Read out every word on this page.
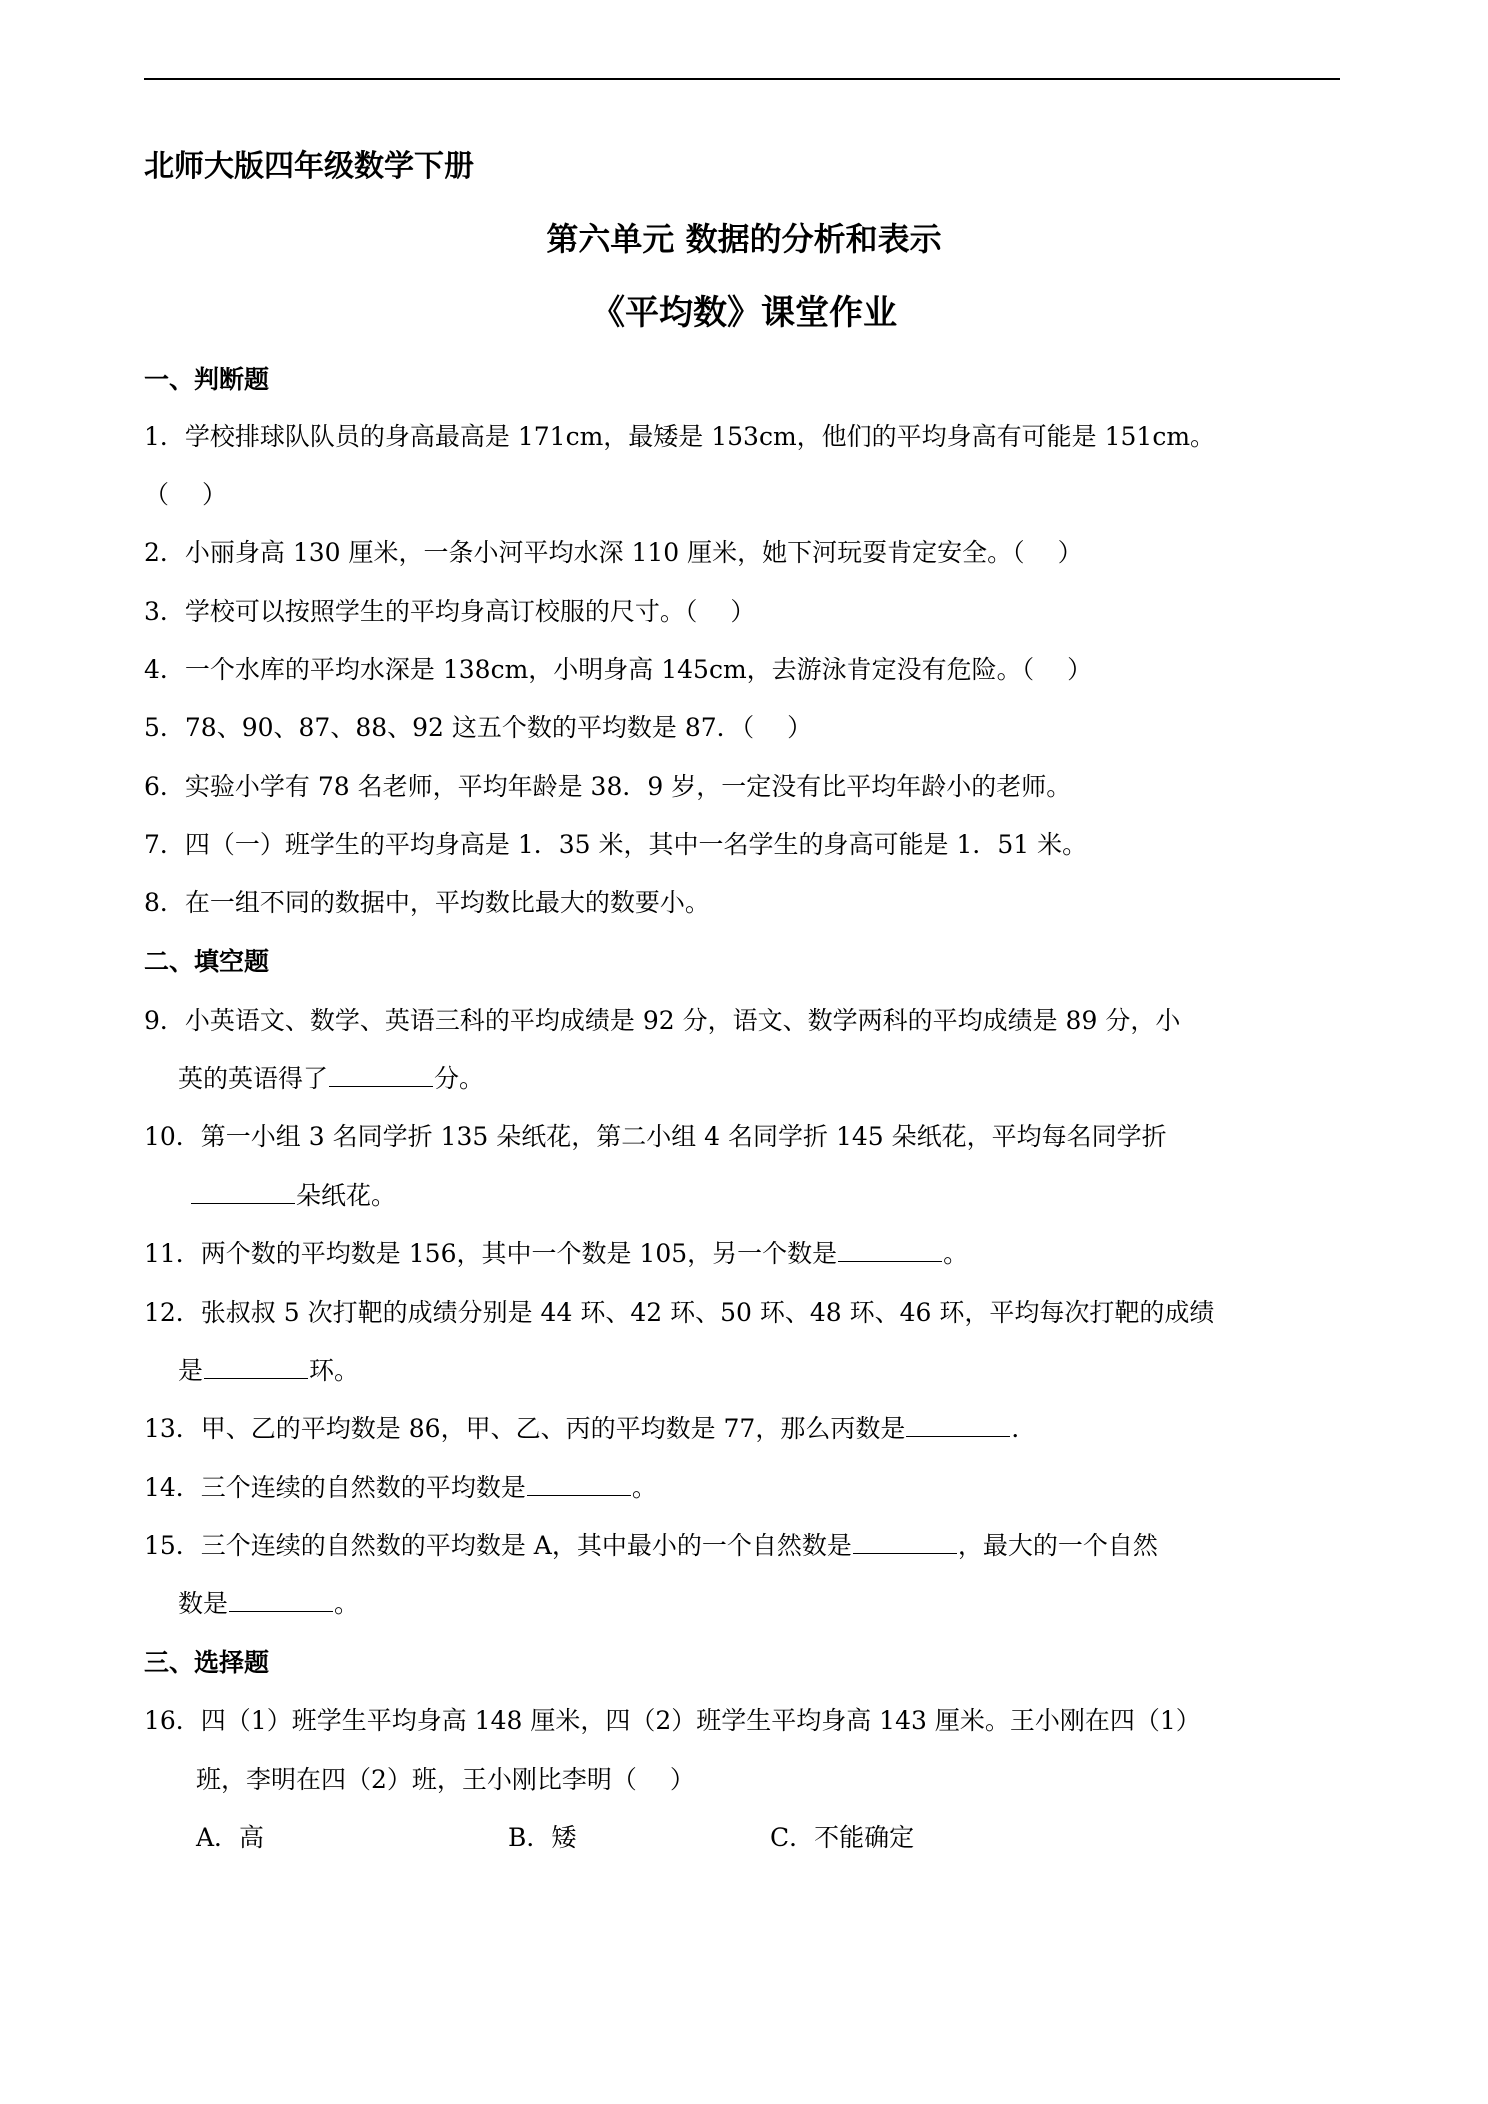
北师大版四年级数学下册
第六单元 数据的分析和表示
《平均数》课堂作业
一、判断题
1．学校排球队队员的身高最高是 171cm，最矮是 153cm，他们的平均身高有可能是 151cm。
（　 ）
2．小丽身高 130 厘米，一条小河平均水深 110 厘米，她下河玩耍肯定安全。（　 ）
3．学校可以按照学生的平均身高订校服的尺寸。（　 ）
4．一个水库的平均水深是 138cm，小明身高 145cm，去游泳肯定没有危险。（　 ）
5．78、90、87、88、92 这五个数的平均数是 87．（　 ）
6．实验小学有 78 名老师，平均年龄是 38．9 岁，一定没有比平均年龄小的老师。
7．四（一）班学生的平均身高是 1．35 米，其中一名学生的身高可能是 1．51 米。
8．在一组不同的数据中，平均数比最大的数要小。
二、填空题
9．小英语文、数学、英语三科的平均成绩是 92 分，语文、数学两科的平均成绩是 89 分，小
英的英语得了	分。
10．第一小组 3 名同学折 135 朵纸花，第二小组 4 名同学折 145 朵纸花，平均每名同学折
朵纸花。
11．两个数的平均数是 156，其中一个数是 105，另一个数是	。
12．张叔叔 5 次打靶的成绩分别是 44 环、42 环、50 环、48 环、46 环，平均每次打靶的成绩
是	环。
13．甲、乙的平均数是 86，甲、乙、丙的平均数是 77，那么丙数是	．
14．三个连续的自然数的平均数是	。
15．三个连续的自然数的平均数是 A，其中最小的一个自然数是	，最大的一个自然
数是	。
三、选择题
16．四（1）班学生平均身高 148 厘米，四（2）班学生平均身高 143 厘米。王小刚在四（1）
班，李明在四（2）班，王小刚比李明（　 ）
A．高	B．矮	C．不能确定
